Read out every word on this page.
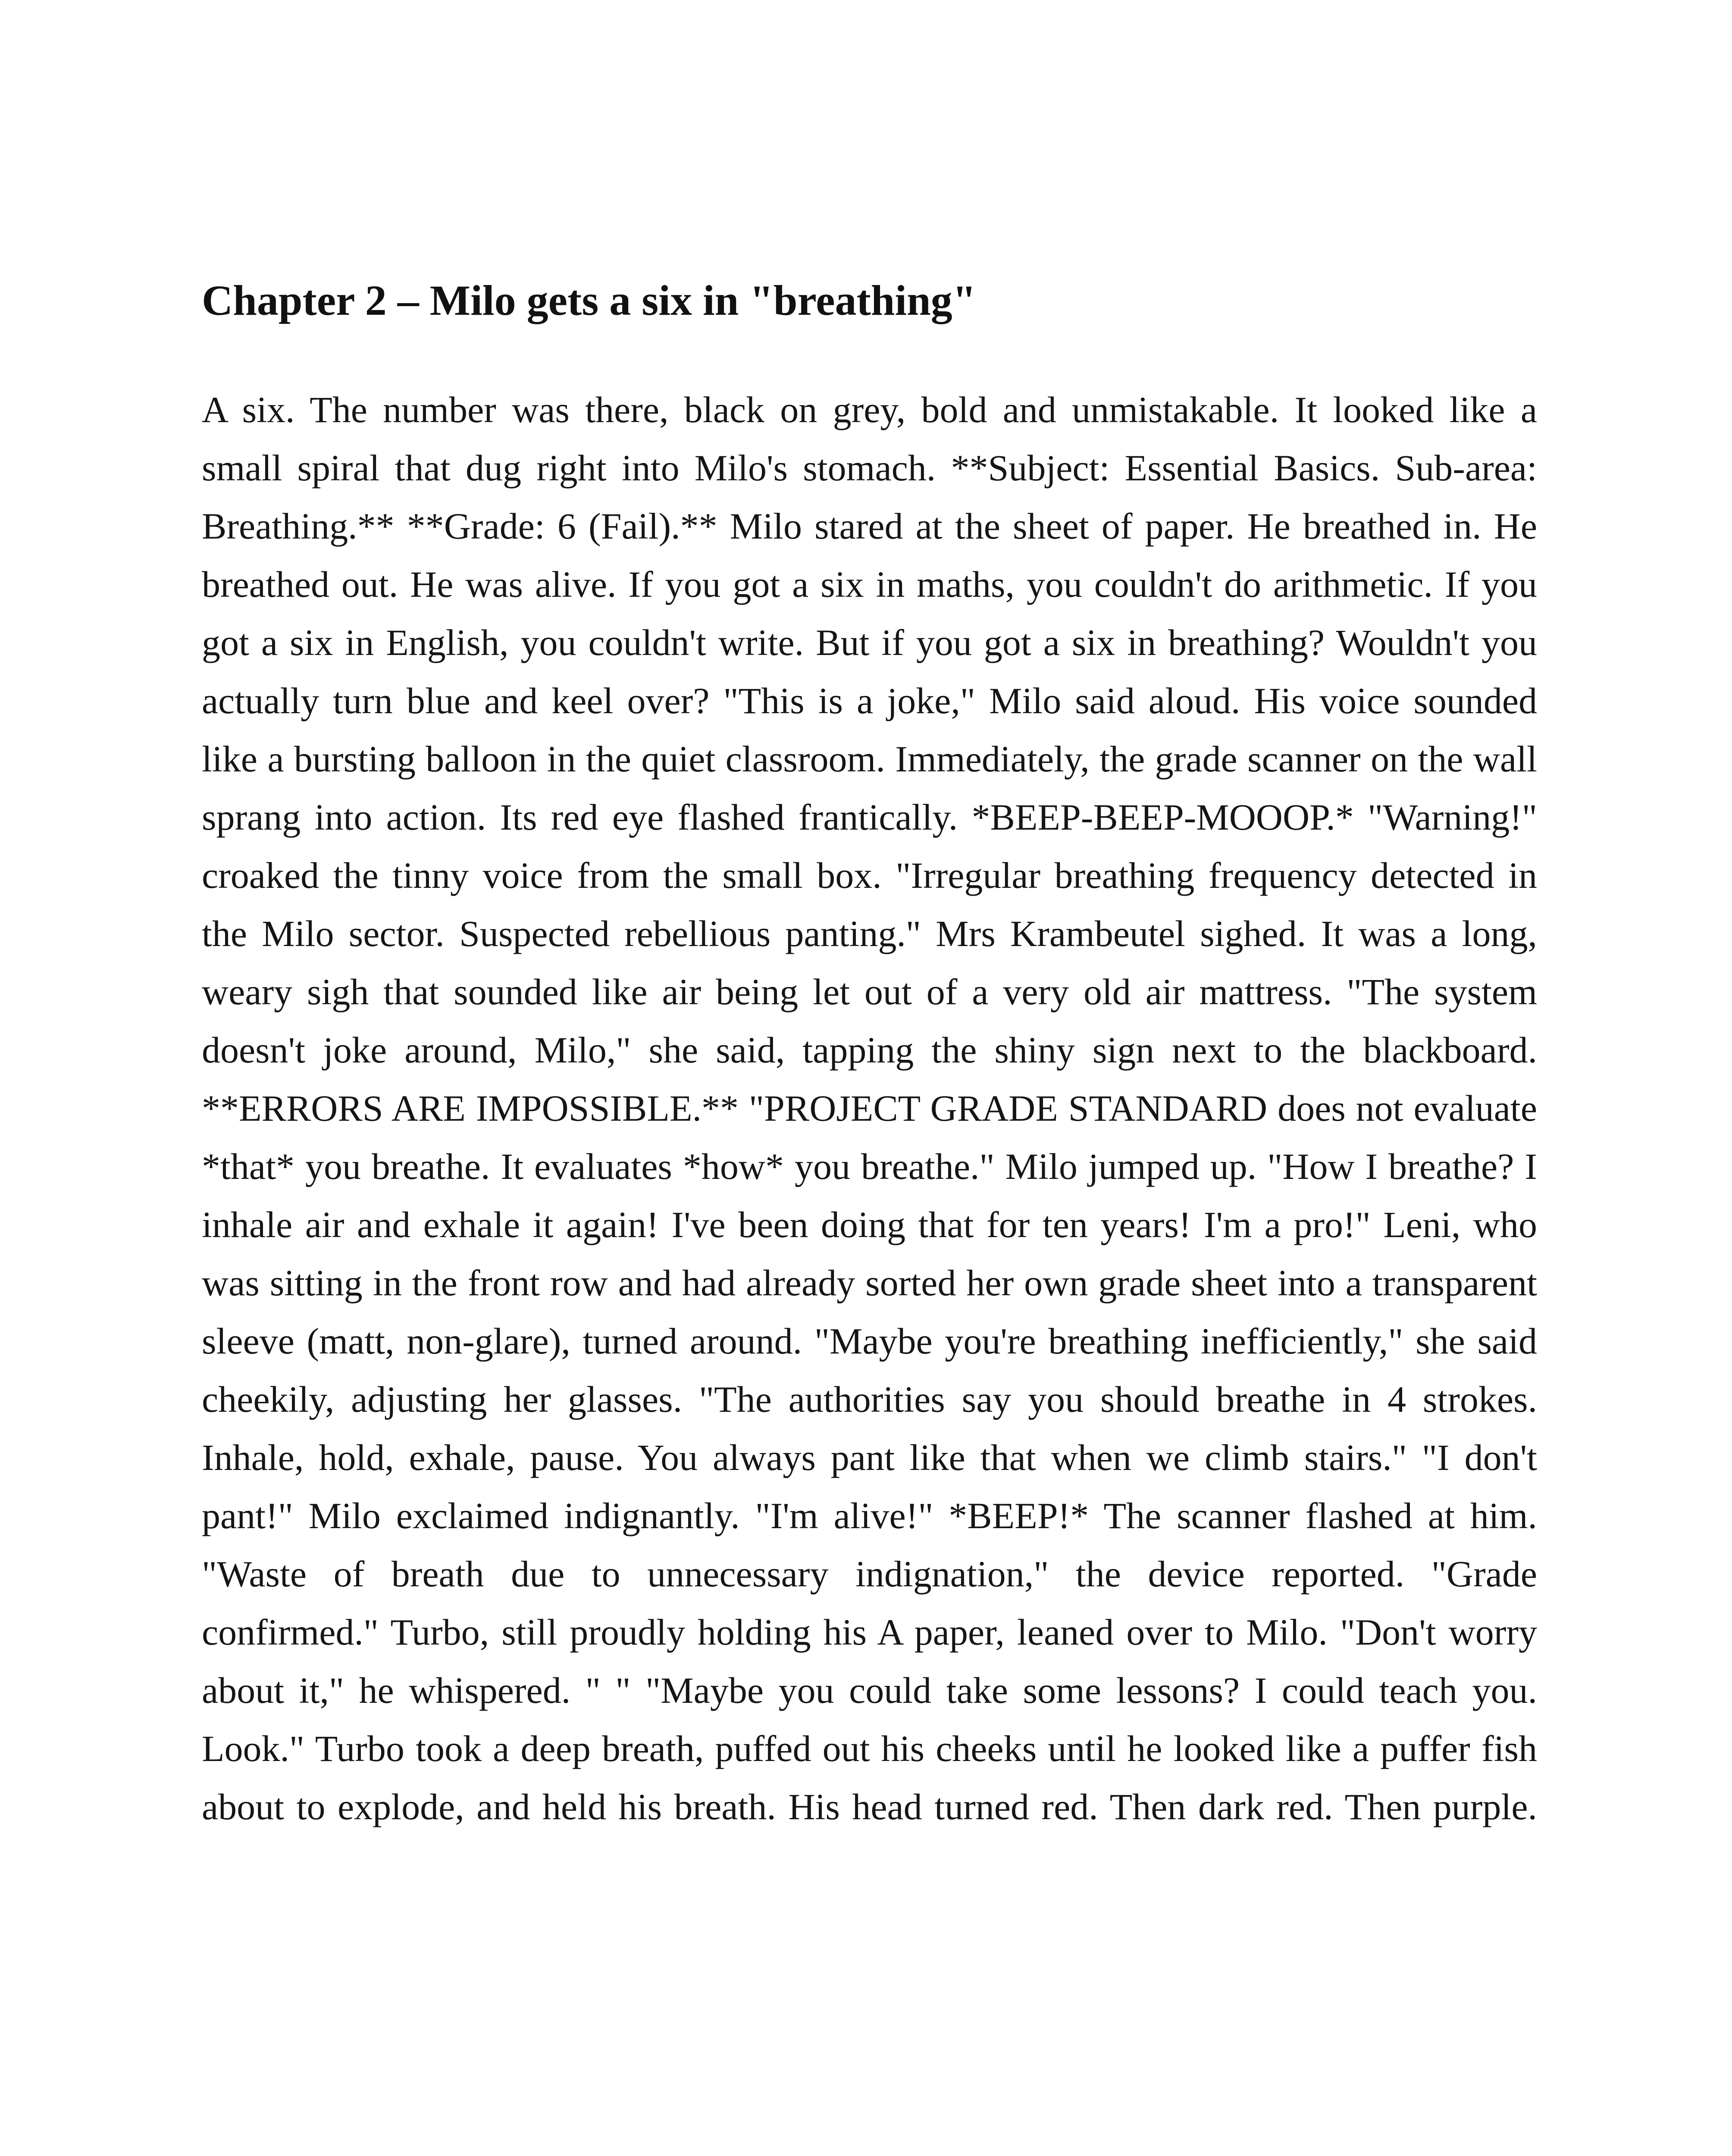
Chapter 2 – Milo gets a six in "breathing"

A six. The number was there, black on grey, bold and unmistakable. It looked like a small spiral that dug right into Milo's stomach. **Subject: Essential Basics. Sub-area: Breathing.** **Grade: 6 (Fail).** Milo stared at the sheet of paper. He breathed in. He breathed out. He was alive. If you got a six in maths, you couldn't do arithmetic. If you got a six in English, you couldn't write. But if you got a six in breathing? Wouldn't you actually turn blue and keel over? "This is a joke," Milo said aloud. His voice sounded like a bursting balloon in the quiet classroom. Immediately, the grade scanner on the wall sprang into action. Its red eye flashed frantically. *BEEP-BEEP-MOOOP.* "Warning!" croaked the tinny voice from the small box. "Irregular breathing frequency detected in the Milo sector. Suspected rebellious panting." Mrs Krambeutel sighed. It was a long, weary sigh that sounded like air being let out of a very old air mattress. "The system doesn't joke around, Milo," she said, tapping the shiny sign next to the blackboard. **ERRORS ARE IMPOSSIBLE.** "PROJECT GRADE STANDARD does not evaluate *that* you breathe. It evaluates *how* you breathe." Milo jumped up. "How I breathe? I inhale air and exhale it again! I've been doing that for ten years! I'm a pro!" Leni, who was sitting in the front row and had already sorted her own grade sheet into a transparent sleeve (matt, non-glare), turned around. "Maybe you're breathing inefficiently," she said cheekily, adjusting her glasses. "The authorities say you should breathe in 4 strokes. Inhale, hold, exhale, pause. You always pant like that when we climb stairs." "I don't pant!" Milo exclaimed indignantly. "I'm alive!" *BEEP!* The scanner flashed at him. "Waste of breath due to unnecessary indignation," the device reported. "Grade confirmed." Turbo, still proudly holding his A paper, leaned over to Milo. "Don't worry about it," he whispered. " " "Maybe you could take some lessons? I could teach you. Look." Turbo took a deep breath, puffed out his cheeks until he looked like a puffer fish about to explode, and held his breath. His head turned red. Then dark red. Then purple.
